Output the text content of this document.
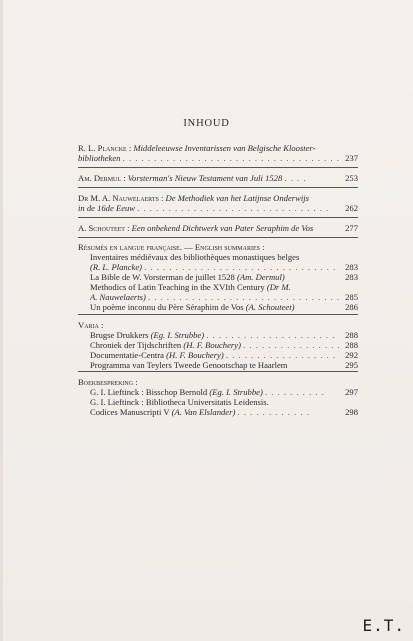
INHOUD
R. L. Plancke : Middeleeuwse Inventarissen van Belgische Klooster-
bibliotheken . . . . . . . . . . . . . . . . . . . . . . . . . . . . . . . . . . . 237
Am. Dermul : Vorsterman's Nieuw Testament van Juli 1528 . . . .	253
Dr M. A. Nauwelaerts : De Methodiek van het Latijnse Onderwijs
in de 16de Eeuw . . . . . . . . . . . . . . . . . . . . . . . . . . . . . . . 262
A. Schouteet : Een onbekend Dichtwerk van Pater Seraphim de Vos	277
Résumés en langue française. — English summaries :
Inventaires médiévaux des bibliothèques monastiques belges
(R. L. Plancke) . . . . . . . . . . . . . . . . . . . . . . . . . . . . . . . 283
La Bible de W. Vorsterman de juillet 1528 (Am. Dermul)	283
Methodics of Latin Teaching in the XVIth Century (Dr M.
A. Nauwelaerts) . . . . . . . . . . . . . . . . . . . . . . . . . . . . . . . 285
Un poème inconnu du Père Séraphim de Vos (A. Schouteet)	286
Varia :
Brugse Drukkers (Eg. I. Strubbe) . . . . . . . . . . . . . . . . . . . . . 288
Chroniek der Tijdschriften (H. F. Bouchery) . . . . . . . . . . . . . . . . 288
Documentatie-Centra (H. F. Bouchery) . . . . . . . . . . . . . . . . . . 292
Programma van Teylers Tweede Genootschap te Haarlem	295
Boekbespreking :
G. I. Lieftinck : Bisschop Bernold (Eg. I. Strubbe) . . . . . . . . . . 297
G. I. Lieftinck : Bibliotheca Universitatis Leidensis.
Codices Manuscripti V (A. Van Elslander) . . . . . . . . . . . .	298
E.T.
